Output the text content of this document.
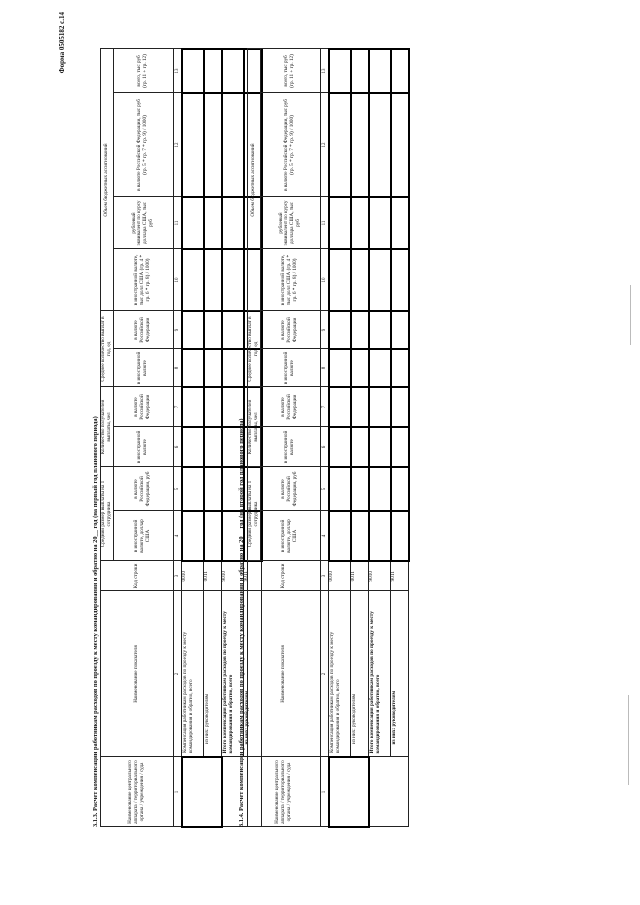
Форма 0505182 с.14
3.1.3. Расчет компенсации работникам расходов по проезду к месту командирования и обратно на 20__ год (на первый год планового периода)	Наименование центрального аппарата / территориального органа / учреждения / суда	Наименование показателя	Код строки	Средний размер выплаты на 1 сотрудника		Количество получателей выплаты, чел		Среднее количество выплат в год, ед		Объем бюджетных ассигнований			
			в иностранной валюте, доллар США	в валюте Российской Федерации, руб	в иностранной валюте	в валюте Российской Федерации	в иностранной валюте	в валюте Российской Федерации	в иностранной валюте, тыс долл США (гр. 4 * гр. 6 * гр. 8) / 1000)	рублевый эквивалент по курсу доллара США, тыс руб	в валюте Российской Федерации, тыс руб (гр. 5 * гр. 7 * гр. 9) / 1000)	всего, тыс руб (гр. 11 + гр. 12)
1	2	3	4	5	6	7	8	9	10	11	12	13
	Компенсация работникам расходов по проезду к месту командирования и обратно, всего	0010										
	из них: руководителям	0011										
	Итого компенсация работникам расходов по проезду к месту командирования и обратно, всего	9010										
	из них: руководителям	9011										
3.1.4. Расчет компенсации работникам расходов по проезду к месту командирования и обратно на 20__ год (на второй год планового периода)	Наименование центрального аппарата / территориального органа / учреждения / суда	Наименование показателя	Код строки	Средний размер выплаты на 1 сотрудника		Количество получателей выплаты, чел		Среднее количество выплат в год, ед		Объем бюджетных ассигнований			
			в иностранной валюте, доллар США	в валюте Российской Федерации, руб	в иностранной валюте	в валюте Российской Федерации	в иностранной валюте	в валюте Российской Федерации	в иностранной валюте, тыс долл США (гр. 4 * гр. 6 * гр. 8) / 1000)	рублевый эквивалент по курсу доллара США, тыс руб	в валюте Российской Федерации, тыс руб (гр. 5 * гр. 7 * гр. 9) / 1000)	всего, тыс руб (гр. 11 + гр. 12)
1	2	3	4	5	6	7	8	9	10	11	12	13
	Компенсация работникам расходов по проезду к месту командирования и обратно, всего	0010										
	из них: руководителям	0011										
	Итого компенсация работникам расходов по проезду к месту командирования и обратно, всего	9010										
	из них: руководителям	9011										
